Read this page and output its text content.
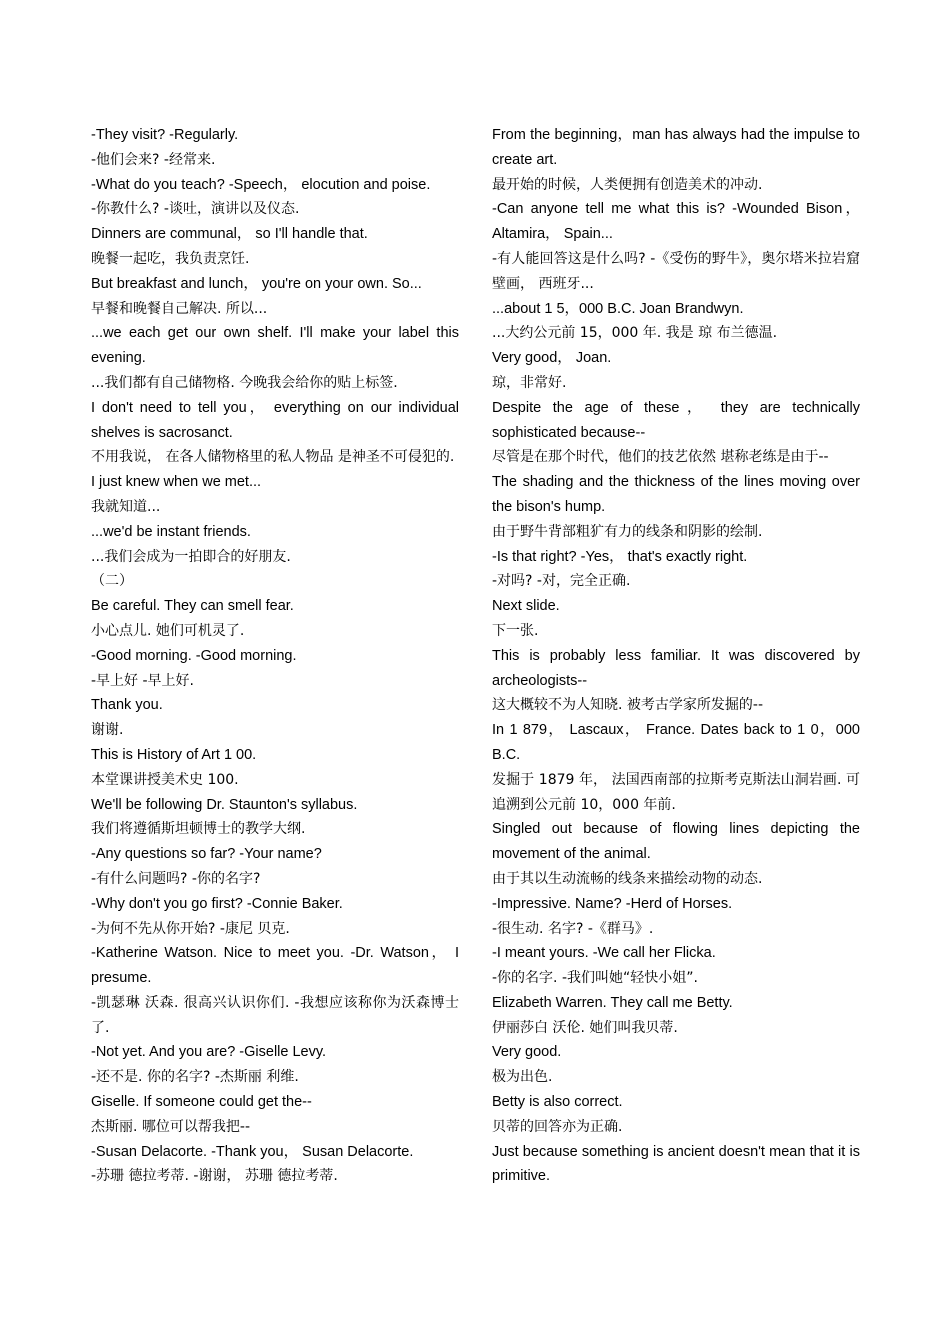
-They visit? -Regularly.

-他们会来? -经常来.

-What do you teach? -Speech， elocution and poise.

-你教什么? -谈吐，演讲以及仪态.

Dinners are communal， so I'll handle that.

晚餐一起吃，我负责烹饪.

But breakfast and lunch， you're on your own. So...

早餐和晚餐自己解决. 所以...

...we each get our own shelf. I'll make your label this evening.

...我们都有自己储物格. 今晚我会给你的贴上标签.

I don't need to tell you， everything on our individual shelves is sacrosanct.

不用我说， 在各人储物格里的私人物品 是神圣不可侵犯的.

I just knew when we met...

我就知道...

...we'd be instant friends.

...我们会成为一拍即合的好朋友.

（二）

Be careful. They can smell fear.

小心点儿. 她们可机灵了.

-Good morning. -Good morning.

-早上好 -早上好.

Thank you.

谢谢.

This is History of Art 1 00.

本堂课讲授美术史 100.

We'll be following Dr. Staunton's syllabus.

我们将遵循斯坦顿博士的教学大纲.

-Any questions so far? -Your name?

-有什么问题吗? -你的名字?

-Why don't you go first? -Connie Baker.

-为何不先从你开始? -康尼 贝克.

-Katherine Watson. Nice to meet you. -Dr. Watson， I presume.

-凯瑟琳 沃森. 很高兴认识你们. -我想应该称你为沃森博士了.

-Not yet. And you are? -Giselle Levy.

-还不是. 你的名字? -杰斯丽 利维.

Giselle. If someone could get the--

杰斯丽. 哪位可以帮我把--

-Susan Delacorte. -Thank you， Susan Delacorte.

-苏珊 德拉考蒂. -谢谢， 苏珊 德拉考蒂.

From the beginning，man has always had the impulse to create art.

最开始的时候，人类便拥有创造美术的冲动.

-Can anyone tell me what this is? -Wounded Bison，Altamira， Spain...

-有人能回答这是什么吗? -《受伤的野牛》，奥尔塔米拉岩窟壁画， 西班牙...

...about 1 5，000 B.C. Joan Brandwyn.

...大约公元前 15，000 年. 我是 琼 布兰德温.

Very good， Joan.

琼，非常好.

Despite the age of these， they are technically sophisticated because--

尽管是在那个时代，他们的技艺依然 堪称老练是由于--

The shading and the thickness of the lines moving over the bison's hump.

由于野牛背部粗犷有力的线条和阴影的绘制.

-Is that right? -Yes， that's exactly right.

-对吗? -对，完全正确.

Next slide.

下一张.

This is probably less familiar. It was discovered by archeologists--

这大概较不为人知晓. 被考古学家所发掘的--

In 1 879， Lascaux， France. Dates back to 1 0，000 B.C.

发掘于 1879 年， 法国西南部的拉斯考克斯法山洞岩画. 可追溯到公元前 10，000 年前.

Singled out because of flowing lines depicting the movement of the animal.

由于其以生动流畅的线条来描绘动物的动态.

-Impressive. Name? -Herd of Horses.

-很生动. 名字? -《群马》.

-I meant yours. -We call her Flicka.

-你的名字. -我们叫她“轻快小姐”.

Elizabeth Warren. They call me Betty.

伊丽莎白 沃伦. 她们叫我贝蒂.

Very good.

极为出色.

Betty is also correct.

贝蒂的回答亦为正确.

Just because something is ancient doesn't mean that it is primitive.
